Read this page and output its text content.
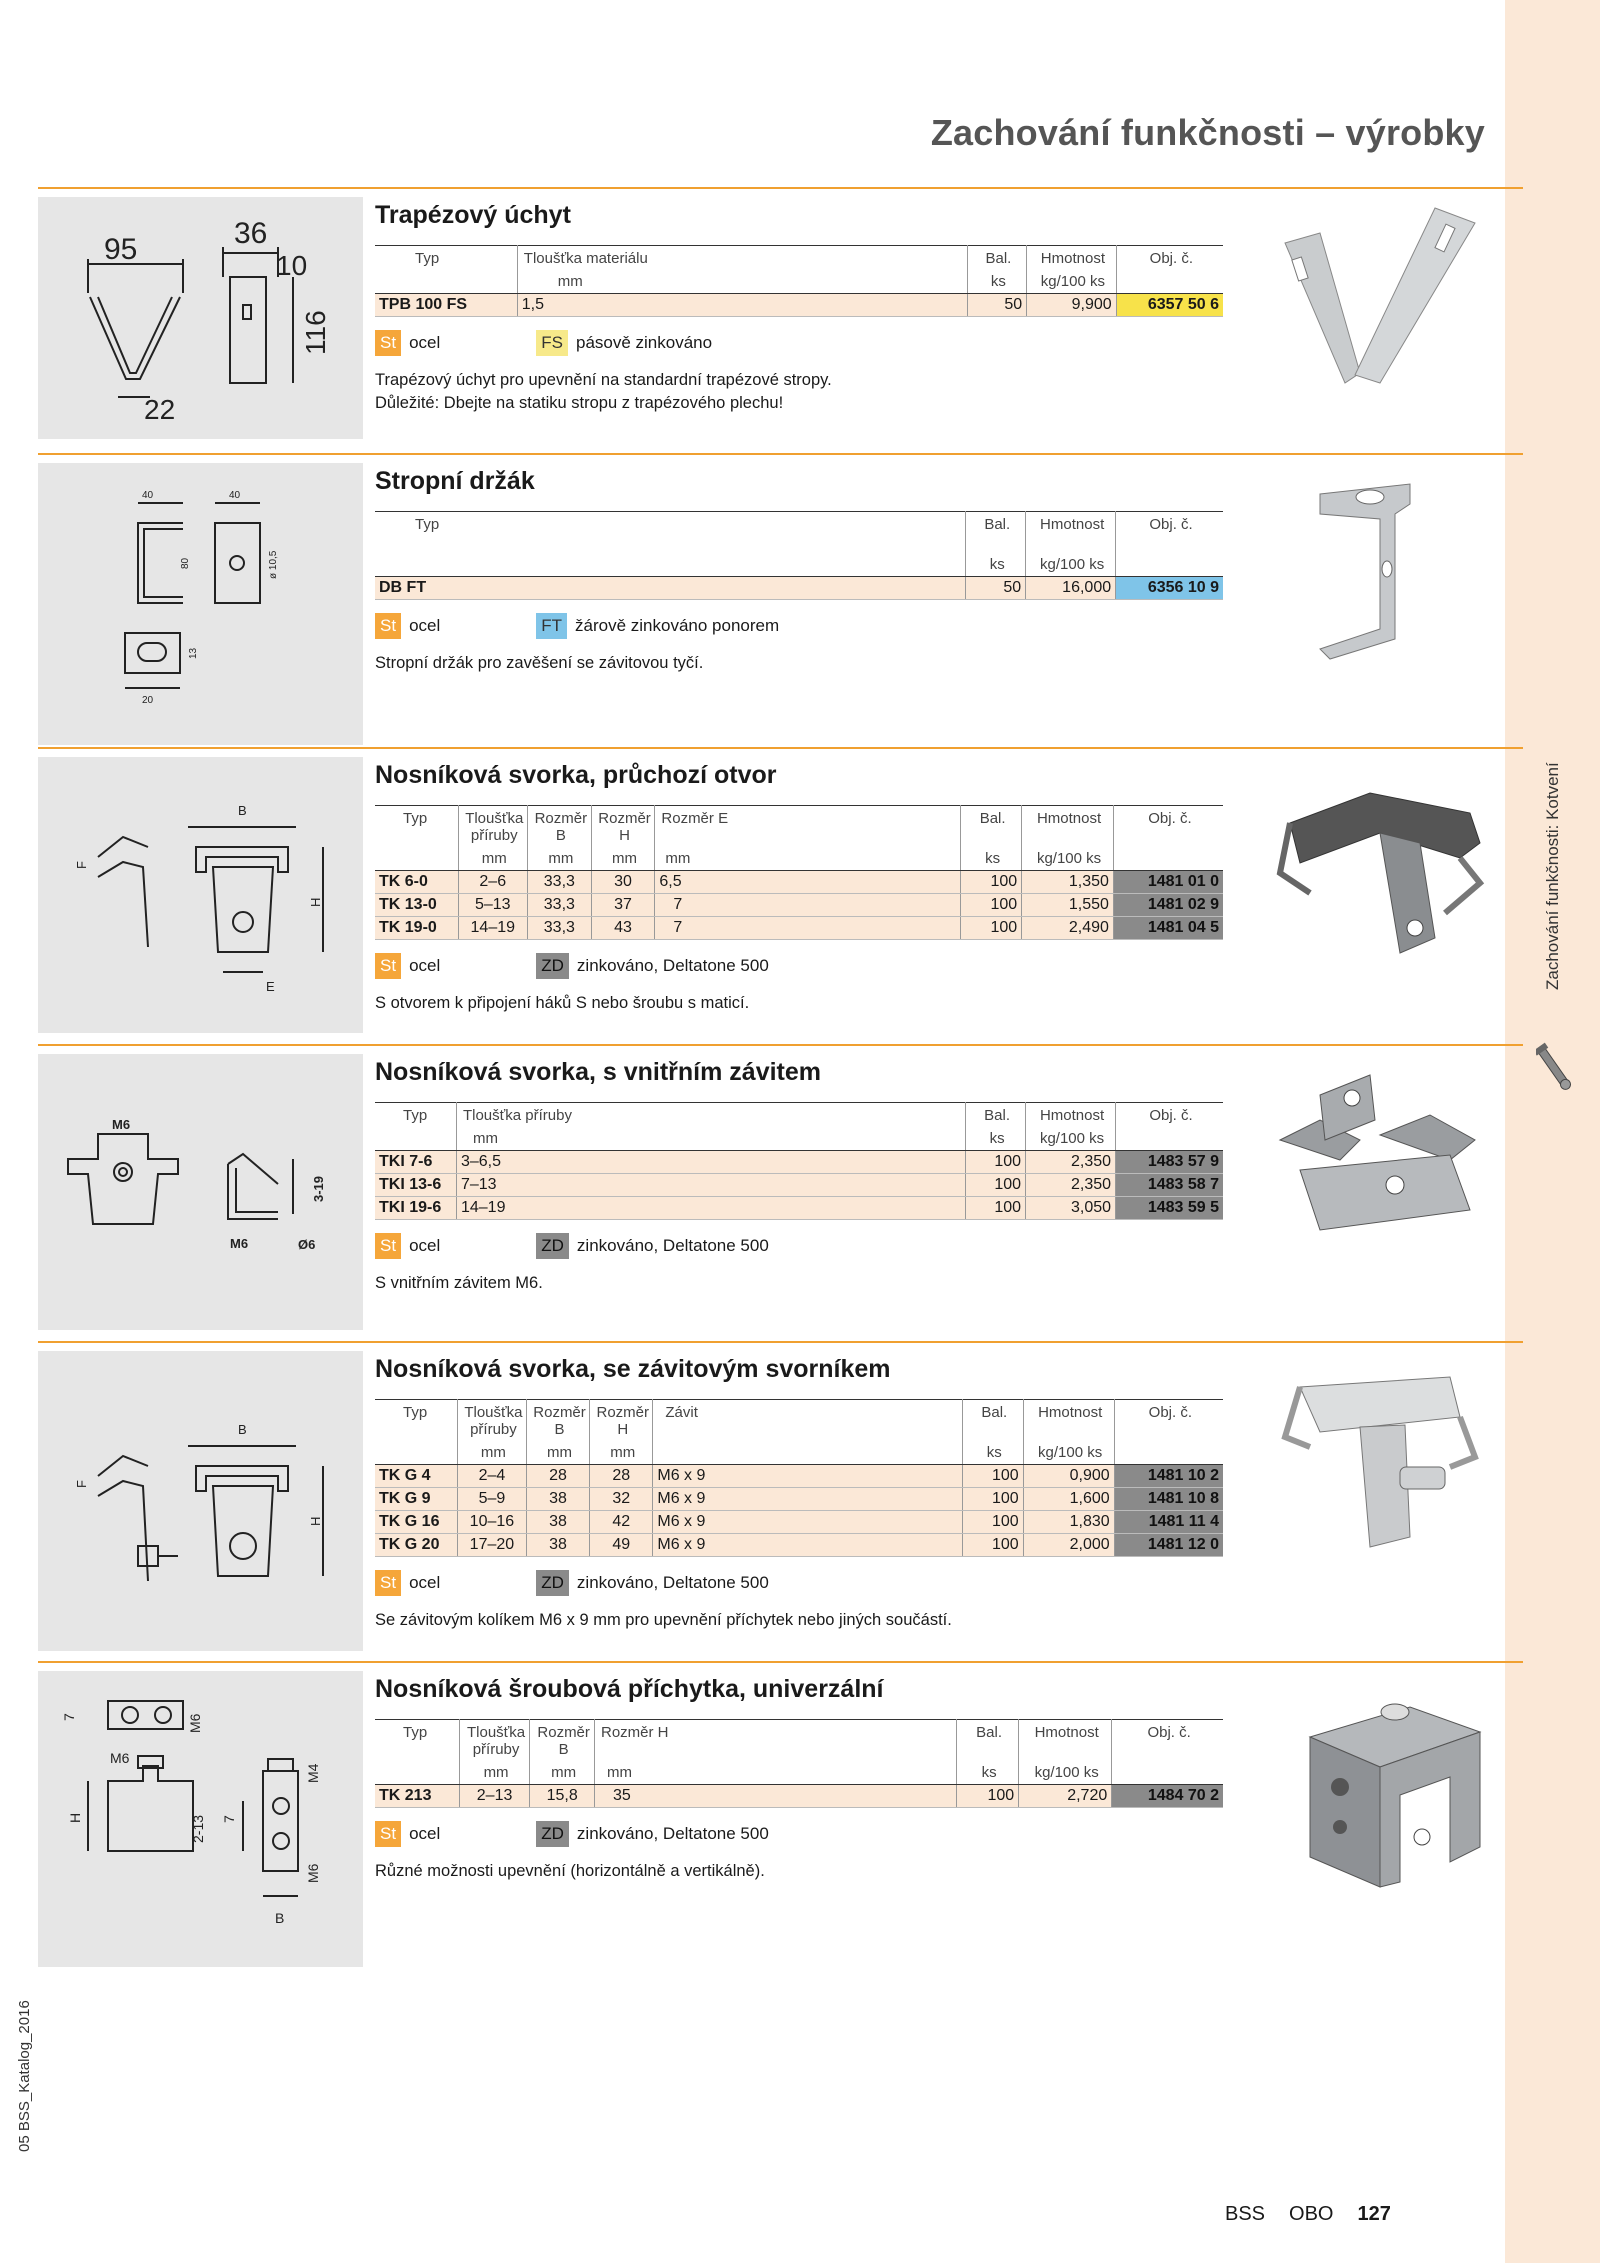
Zachování funkčnosti – výrobky
95	36
10
116
22
Trapézový úchyt
Typ	Tloušťka materiálu	Bal.	Hmotnost	Obj. č.
	mm	ks	kg/100 ks	
TPB 100 FS	1,5	50	9,900	6357 50 6
St ocel	FS pásově zinkováno
Trapézový úchyt pro upevnění na standardní trapézové stropy.
Důležité: Dbejte na statiku stropu z trapézového plechu!
40	40
80	ø 10,5
13
20
Stropní držák
Typ	Bal.	Hmotnost	Obj. č.
	ks	kg/100 ks	
DB FT	50	16,000	6356 10 9
St ocel	FT žárově zinkováno ponorem
Stropní držák pro zavěšení se závitovou tyčí.
F
B
H
E
Nosníková svorka, průchozí otvor
Typ	Tloušťka příruby	Rozměr B	Rozměr H	Rozměr E	Bal.	Hmotnost	Obj. č.
	mm	mm	mm	mm	ks	kg/100 ks	
TK 6-0	2–6	33,3	30	6,5	100	1,350	1481 01 0
TK 13-0	5–13	33,3	37	7	100	1,550	1481 02 9
TK 19-0	14–19	33,3	43	7	100	2,490	1481 04 5
St ocel	ZD zinkováno, Deltatone 500
S otvorem k připojení háků S nebo šroubu s maticí.
M6
M6
3-19
Ø6
Nosníková svorka, s vnitřním závitem
Typ	Tloušťka příruby	Bal.	Hmotnost	Obj. č.
	mm	ks	kg/100 ks	
TKI 7-6	3–6,5	100	2,350	1483 57 9
TKI 13-6	7–13	100	2,350	1483 58 7
TKI 19-6	14–19	100	3,050	1483 59 5
St ocel	ZD zinkováno, Deltatone 500
S vnitřním závitem M6.
F
B
H
Nosníková svorka, se závitovým svorníkem
Typ	Tloušťka příruby	Rozměr B	Rozměr H	Závit	Bal.	Hmotnost	Obj. č.
	mm	mm	mm		ks	kg/100 ks	
TK G 4	2–4	28	28	M6 x 9	100	0,900	1481 10 2
TK G 9	5–9	38	32	M6 x 9	100	1,600	1481 10 8
TK G 16	10–16	38	42	M6 x 9	100	1,830	1481 11 4
TK G 20	17–20	38	49	M6 x 9	100	2,000	1481 12 0
St ocel	ZD zinkováno, Deltatone 500
Se závitovým kolíkem M6 x 9 mm pro upevnění příchytek nebo jiných součástí.
7	M6
M6
M4
H	7
2-13
M6
B
Nosníková šroubová příchytka, univerzální
Typ	Tloušťka příruby	Rozměr B	Rozměr H	Bal.	Hmotnost	Obj. č.
	mm	mm	mm	ks	kg/100 ks	
TK 213	2–13	15,8	35	100	2,720	1484 70 2
St ocel	ZD zinkováno, Deltatone 500
Různé možnosti upevnění (horizontálně a vertikálně).
Zachování funkčnosti: Kotvení
05 BSS_Katalog_2016
BSS OBO 127
